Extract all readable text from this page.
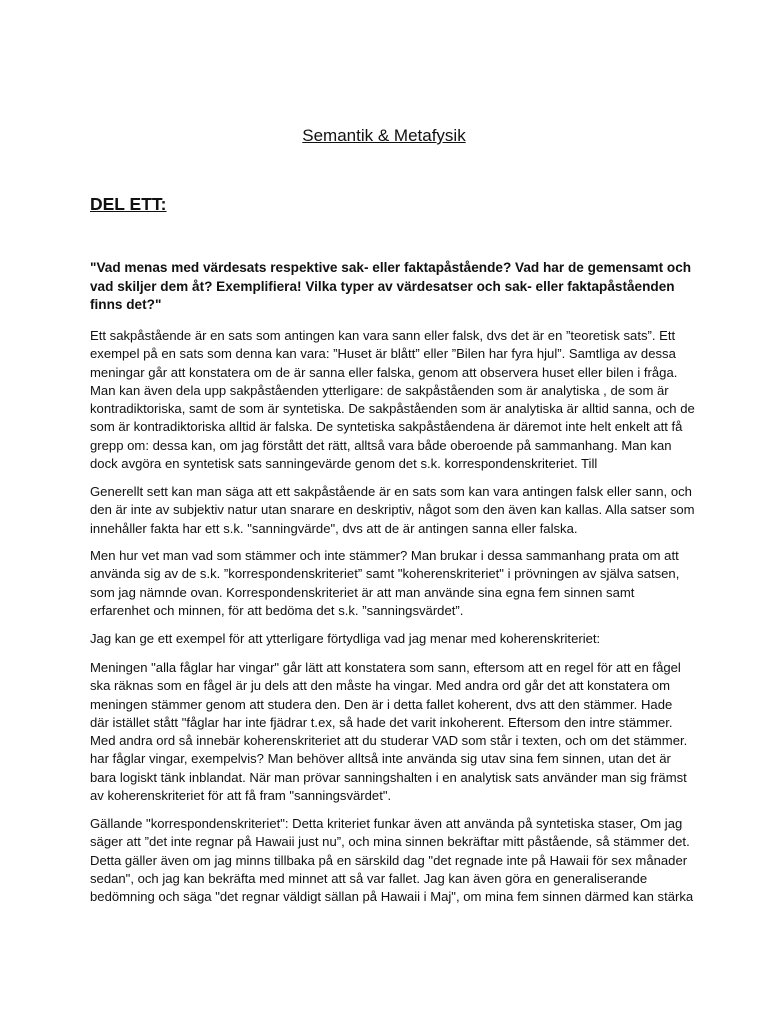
Semantik & Metafysik
DEL ETT:

"Vad menas med värdesats respektive sak- eller faktapåstående? Vad har de gemensamt och
vad skiljer dem åt? Exemplifiera! Vilka typer av värdesatser och sak- eller faktapåståenden
finns det?"

Ett sakpåstående är en sats som antingen kan vara sann eller falsk, dvs det är en ”teoretisk sats”. Ett
exempel på en sats som denna kan vara: ”Huset är blått” eller ”Bilen har fyra hjul”. Samtliga av dessa
meningar går att konstatera om de är sanna eller falska, genom att observera huset eller bilen i fråga.
Man kan även dela upp sakpåståenden ytterligare: de sakpåståenden som är analytiska , de som är
kontradiktoriska, samt de som är syntetiska. De sakpåståenden som är analytiska är alltid sanna, och de
som är kontradiktoriska alltid är falska. De syntetiska sakpåståendena är däremot inte helt enkelt att få
grepp om: dessa kan, om jag förstått det rätt, alltså vara både oberoende på sammanhang. Man kan
dock avgöra en syntetisk sats sanningevärde genom det s.k. korrespondenskriteriet. Till

Generellt sett kan man säga att ett sakpåstående är en sats som kan vara antingen falsk eller sann, och
den är inte av subjektiv natur utan snarare en deskriptiv, något som den även kan kallas. Alla satser som
innehåller fakta har ett s.k. "sanningvärde", dvs att de är antingen sanna eller falska.

Men hur vet man vad som stämmer och inte stämmer? Man brukar i dessa sammanhang prata om att
använda sig av de s.k. ”korrespondenskriteriet” samt "koherenskriteriet" i prövningen av själva satsen,
som jag nämnde ovan. Korrespondenskriteriet är att man använde sina egna fem sinnen samt
erfarenhet och minnen, för att bedöma det s.k. ”sanningsvärdet”.

Jag kan ge ett exempel för att ytterligare förtydliga vad jag menar med koherenskriteriet:

Meningen "alla fåglar har vingar" går lätt att konstatera som sann, eftersom att en regel för att en fågel
ska räknas som en fågel är ju dels att den måste ha vingar. Med andra ord går det att konstatera om
meningen stämmer genom att studera den. Den är i detta fallet koherent, dvs att den stämmer. Hade
där istället stått "fåglar har inte fjädrar t.ex, så hade det varit inkoherent. Eftersom den intre stämmer.
Med andra ord så innebär koherenskriteriet att du studerar VAD som står i texten, och om det stämmer.
har fåglar vingar, exempelvis? Man behöver alltså inte använda sig utav sina fem sinnen, utan det är
bara logiskt tänk inblandat. När man prövar sanningshalten i en analytisk sats använder man sig främst
av koherenskriteriet för att få fram "sanningsvärdet".

Gällande "korrespondenskriteriet": Detta kriteriet funkar även att använda på syntetiska staser, Om jag
säger att ”det inte regnar på Hawaii just nu”, och mina sinnen bekräftar mitt påstående, så stämmer det.
Detta gäller även om jag minns tillbaka på en särskild dag "det regnade inte på Hawaii för sex månader
sedan", och jag kan bekräfta med minnet att så var fallet. Jag kan även göra en generaliserande
bedömning och säga "det regnar väldigt sällan på Hawaii i Maj", om mina fem sinnen därmed kan stärka
